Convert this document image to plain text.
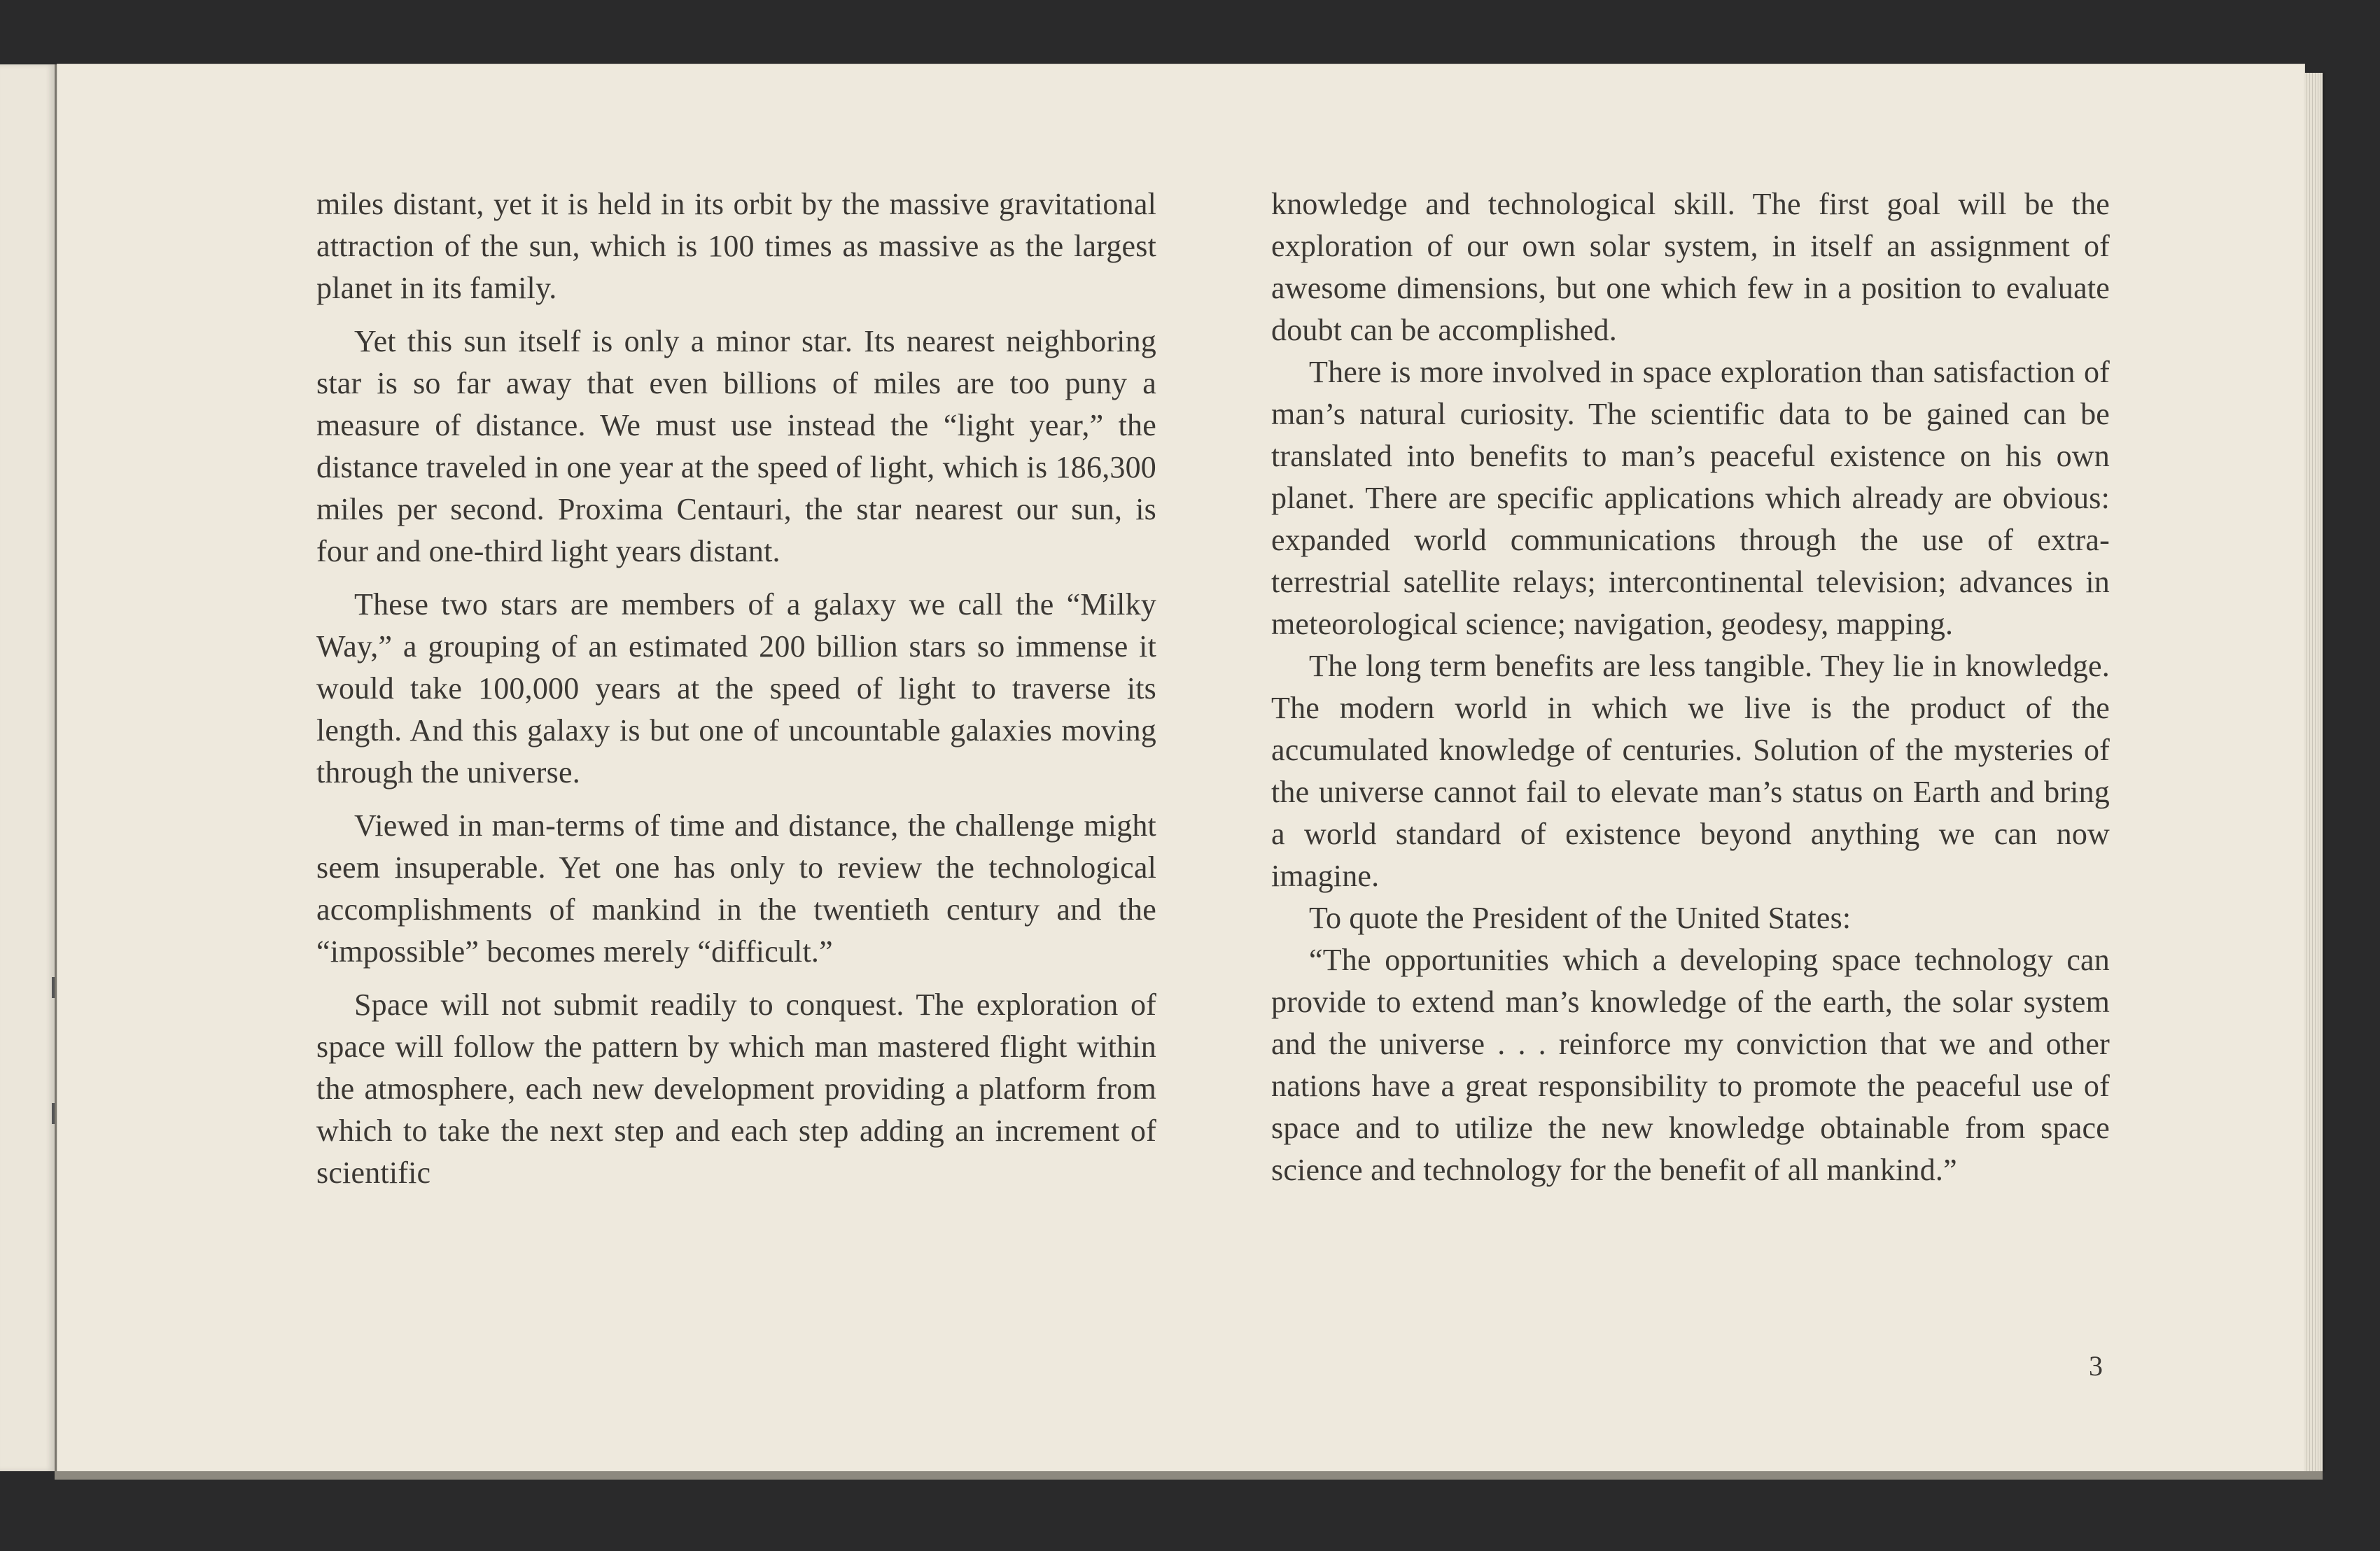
miles distant, yet it is held in its orbit by the massive gravitational attraction of the sun, which is 100 times as massive as the largest planet in its family.

Yet this sun itself is only a minor star. Its nearest neighboring star is so far away that even billions of miles are too puny a measure of distance. We must use instead the “light year,” the distance traveled in one year at the speed of light, which is 186,300 miles per second. Proxima Centauri, the star nearest our sun, is four and one-third light years distant.

These two stars are members of a galaxy we call the “Milky Way,” a grouping of an estimated 200 billion stars so immense it would take 100,000 years at the speed of light to traverse its length. And this galaxy is but one of uncountable galaxies moving through the universe.

Viewed in man-terms of time and distance, the challenge might seem insuperable. Yet one has only to review the technological accomplishments of mankind in the twentieth century and the “impossible” becomes merely “difficult.”

Space will not submit readily to conquest. The exploration of space will follow the pattern by which man mastered flight within the atmosphere, each new development providing a platform from which to take the next step and each step adding an increment of scientific

knowledge and technological skill. The first goal will be the exploration of our own solar system, in itself an assignment of awesome dimensions, but one which few in a position to evaluate doubt can be accomplished.

There is more involved in space exploration than satisfaction of man’s natural curiosity. The scientific data to be gained can be translated into benefits to man’s peaceful existence on his own planet. There are specific applications which already are obvious: expanded world communications through the use of extra-terrestrial satellite relays; intercontinental television; advances in meteorological science; navigation, geodesy, mapping.

The long term benefits are less tangible. They lie in knowledge. The modern world in which we live is the product of the accumulated knowledge of centuries. Solution of the mysteries of the universe cannot fail to elevate man’s status on Earth and bring a world standard of existence beyond anything we can now imagine.

To quote the President of the United States:

“The opportunities which a developing space technology can provide to extend man’s knowledge of the earth, the solar system and the universe . . . reinforce my conviction that we and other nations have a great responsibility to promote the peaceful use of space and to utilize the new knowledge obtainable from space science and technology for the benefit of all mankind.”

3
